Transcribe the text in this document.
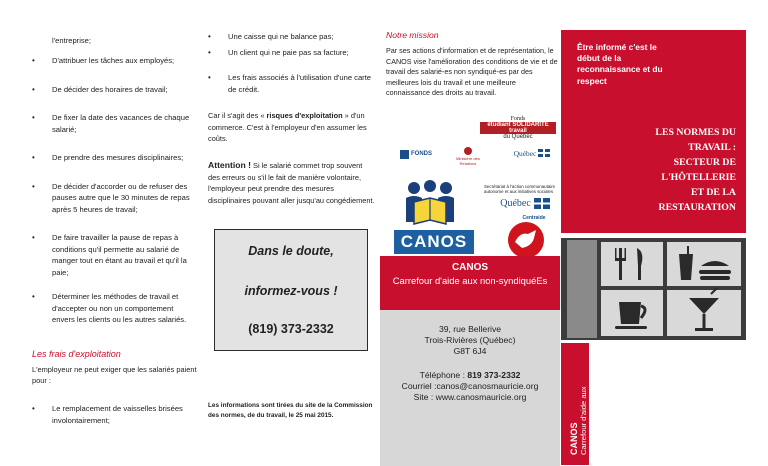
l'entreprise;
• D'attribuer les tâches aux employés;
• De décider des horaires de travail;
• De fixer la date des vacances de chaque salarié;
• De prendre des mesures disciplinaires;
• De décider d'accorder ou de refuser des pauses autre que le 30 minutes de repas après 5 heures de travail;
• De faire travailler la pause de repas à conditions qu'il permette au salarié de manger tout en étant au travail et qu'il la paie;
• Déterminer les méthodes de travail et d'accepter ou non un comportement envers les clients ou les autres salariés.
Les frais d'exploitation
L'employeur ne peut exiger que les salariés paient pour :
• Le remplacement de vaisselles brisées involontairement;
• Une caisse qui ne balance pas;
• Un client qui ne paie pas sa facture;
• Les frais associés à l'utilisation d'une carte de crédit.

Car il s'agit des « risques d'exploitation » d'un commerce. C'est à l'employeur d'en assumer les coûts.

Attention ! Si le salarié commet trop souvent des erreurs ou s'il le fait de manière volontaire, l'employeur peut prendre des mesures disciplinaires pouvant aller jusqu'au congédiement.

Dans le doute,
informez-vous !
(819) 373-2332
Les informations sont tirées du site de la Commission des normes, de du travail, le 25 mai 2015.
Notre mission

Par ses actions d'information et de représentation, le CANOS vise l'amélioration des conditions de vie et de travail des salarié-es non syndiqué-es par des meilleures lois du travail et une meilleure connaissance des droits au travail.

Fonds
étudiant SOLIDARITÉ travail
du Québec
FONDS
Ministère des Relations
Québec
CANOS
Secrétariat à l'action communautaire autonome et aux initiatives sociales
Québec
Centraide
CANOS
Carrefour d'aide aux non-syndiquéEs
39, rue Bellerive
Trois-Rivières (Québec)
G8T 6J4
Téléphone : 819 373-2332
Courriel :canos@canosmauricie.org
Site : www.canosmauricie.org
Être informé c'est le début de la reconnaissance et du respect
LES NORMES DU
TRAVAIL :
SECTEUR DE
L'HÔTELLERIE
ET DE LA
RESTAURATION
CANOS Carrefour d'aide aux non-syndiquéEs
